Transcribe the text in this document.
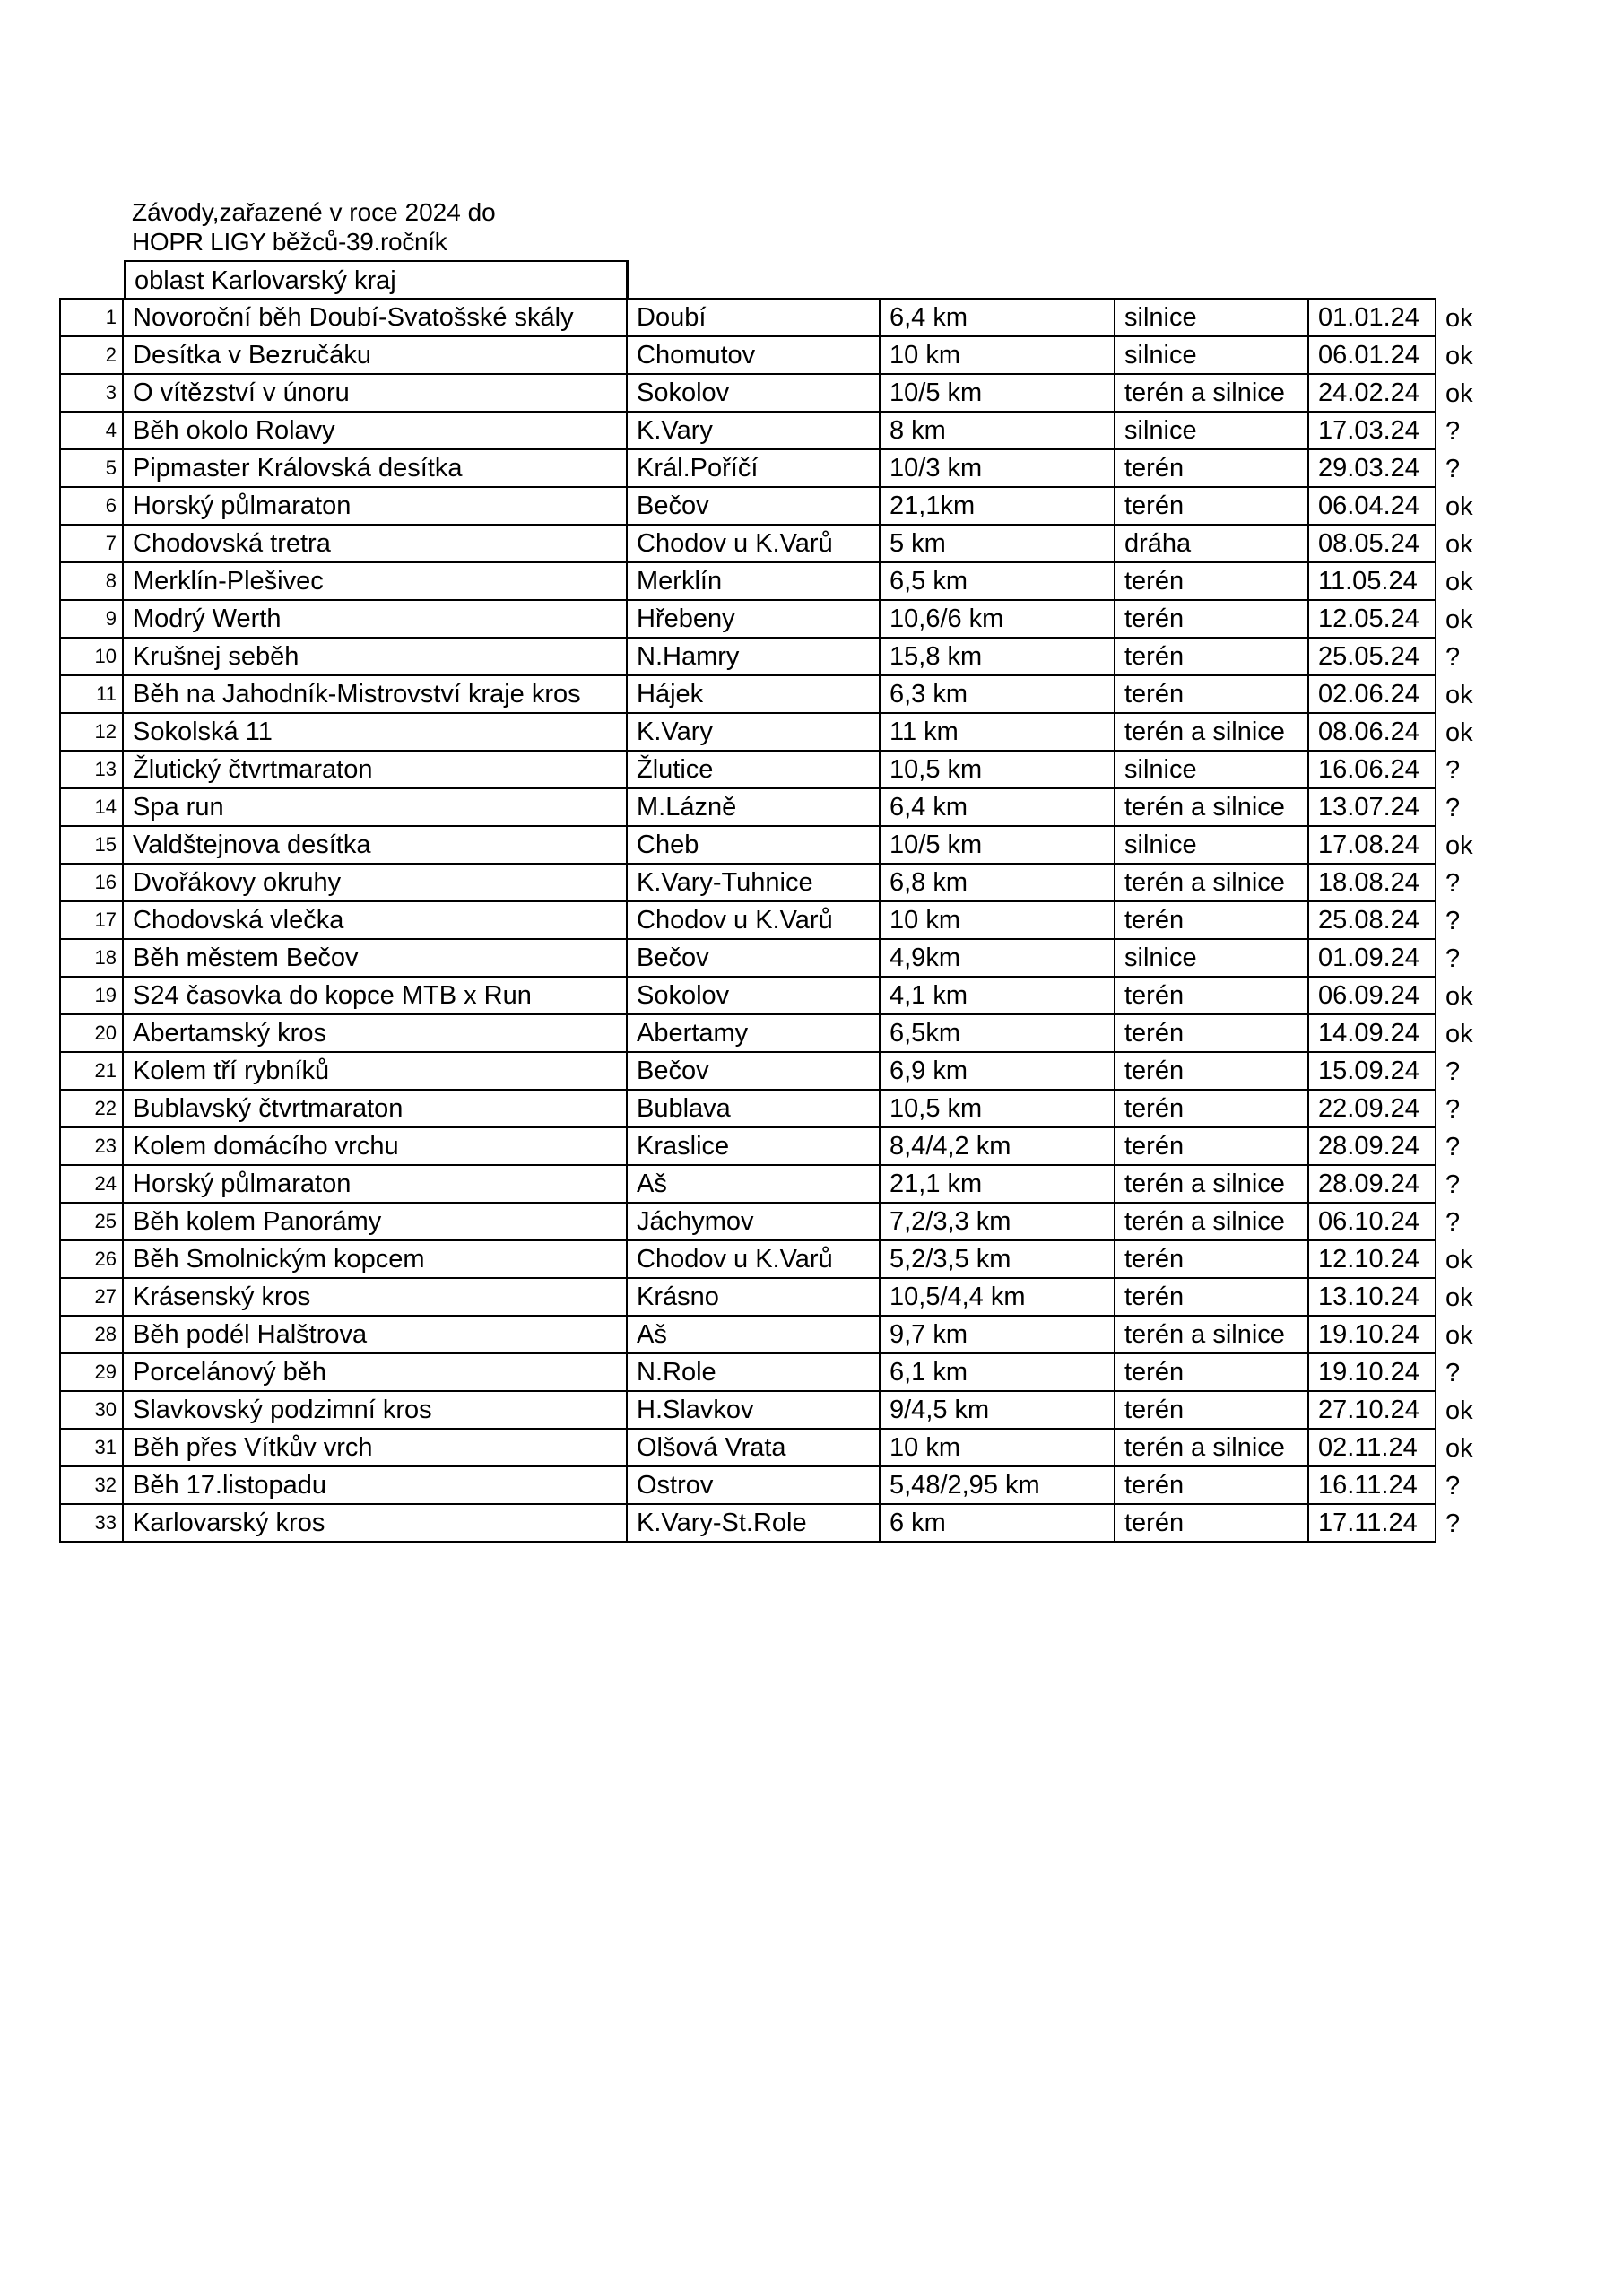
Závody,zařazené v roce 2024 do
HOPR LIGY běžců-39.ročník
oblast Karlovarský kraj
1	Novoroční běh Doubí-Svatošské skály	Doubí	6,4 km	silnice	01.01.24	ok
2	Desítka v Bezručáku	Chomutov	10 km	silnice	06.01.24	ok
3	O vítězství v únoru	Sokolov	10/5 km	terén a silnice	24.02.24	ok
4	Běh okolo Rolavy	K.Vary	8 km	silnice	17.03.24	?
5	Pipmaster Královská desítka	Král.Poříčí	10/3 km	terén	29.03.24	?
6	Horský půlmaraton	Bečov	21,1km	terén	06.04.24	ok
7	Chodovská tretra	Chodov u K.Varů	5 km	dráha	08.05.24	ok
8	Merklín-Plešivec	Merklín	6,5 km	terén	11.05.24	ok
9	Modrý Werth	Hřebeny	10,6/6 km	terén	12.05.24	ok
10	Krušnej seběh	N.Hamry	15,8 km	terén	25.05.24	?
11	Běh na Jahodník-Mistrovství kraje kros	Hájek	6,3 km	terén	02.06.24	ok
12	Sokolská 11	K.Vary	11 km	terén a silnice	08.06.24	ok
13	Žlutický čtvrtmaraton	Žlutice	10,5 km	silnice	16.06.24	?
14	Spa run	M.Lázně	6,4 km	terén a silnice	13.07.24	?
15	Valdštejnova desítka	Cheb	10/5 km	silnice	17.08.24	ok
16	Dvořákovy okruhy	K.Vary-Tuhnice	6,8 km	terén a silnice	18.08.24	?
17	Chodovská vlečka	Chodov u K.Varů	10 km	terén	25.08.24	?
18	Běh městem Bečov	Bečov	4,9km	silnice	01.09.24	?
19	S24 časovka do kopce MTB x Run	Sokolov	4,1 km	terén	06.09.24	ok
20	Abertamský kros	Abertamy	6,5km	terén	14.09.24	ok
21	Kolem tří rybníků	Bečov	6,9 km	terén	15.09.24	?
22	Bublavský čtvrtmaraton	Bublava	10,5 km	terén	22.09.24	?
23	Kolem domácího vrchu	Kraslice	8,4/4,2 km	terén	28.09.24	?
24	Horský půlmaraton	Aš	21,1 km	terén a silnice	28.09.24	?
25	Běh kolem Panorámy	Jáchymov	7,2/3,3 km	terén a silnice	06.10.24	?
26	Běh Smolnickým kopcem	Chodov u K.Varů	5,2/3,5 km	terén	12.10.24	ok
27	Krásenský kros	Krásno	10,5/4,4 km	terén	13.10.24	ok
28	Běh podél Halštrova	Aš	9,7 km	terén a silnice	19.10.24	ok
29	Porcelánový běh	N.Role	6,1 km	terén	19.10.24	?
30	Slavkovský podzimní kros	H.Slavkov	9/4,5 km	terén	27.10.24	ok
31	Běh přes Vítkův vrch	Olšová Vrata	10 km	terén a silnice	02.11.24	ok
32	Běh 17.listopadu	Ostrov	5,48/2,95 km	terén	16.11.24	?
33	Karlovarský kros	K.Vary-St.Role	6 km	terén	17.11.24	?
